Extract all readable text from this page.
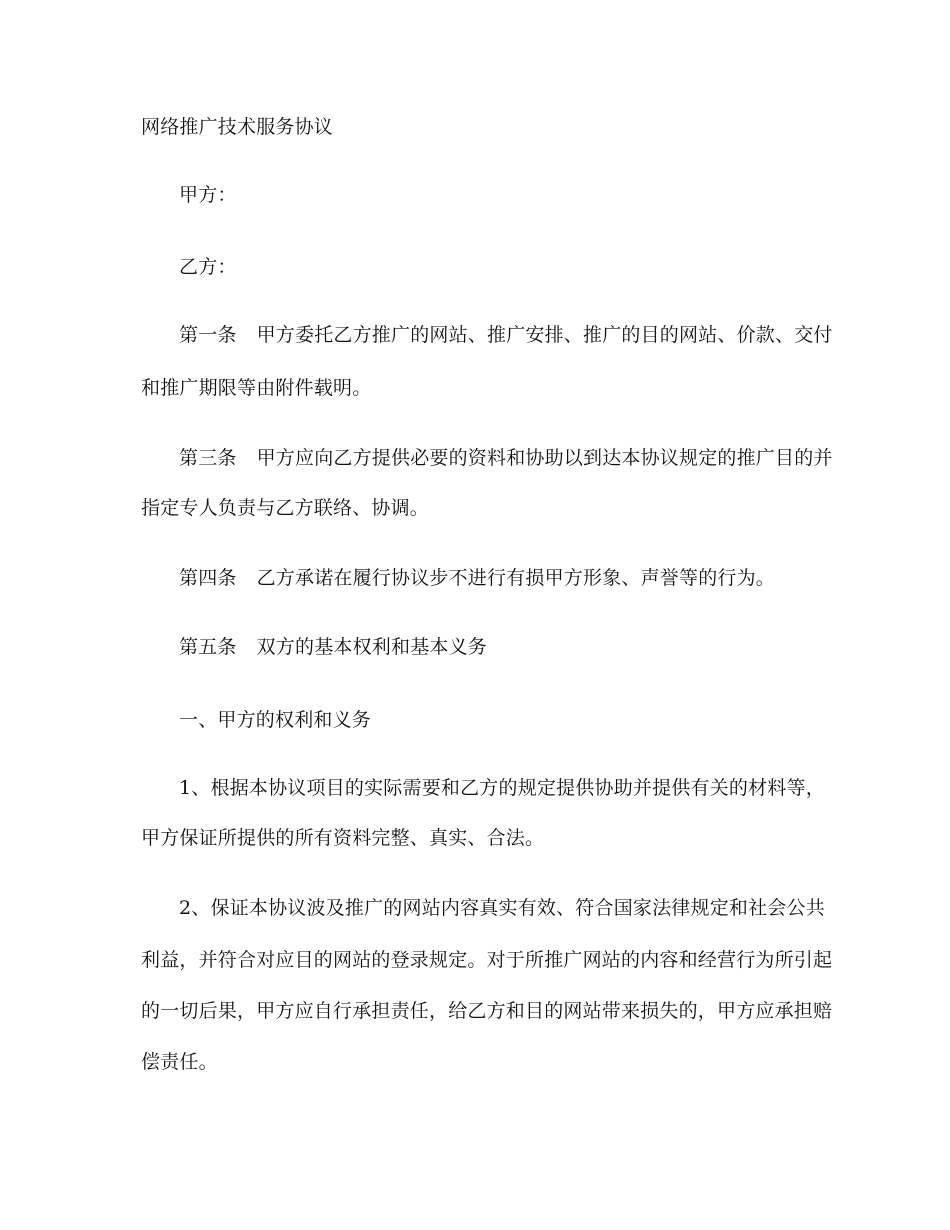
网络推广技术服务协议
甲方：
乙方：
第一条 甲方委托乙方推广的网站、推广安排、推广的目的网站、价款、交付
和推广期限等由附件载明。
第三条 甲方应向乙方提供必要的资料和协助以到达本协议规定的推广目的并
指定专人负责与乙方联络、协调。
第四条 乙方承诺在履行协议步不进行有损甲方形象、声誉等的行为。
第五条 双方的基本权利和基本义务
一、甲方的权利和义务
1、根据本协议项目的实际需要和乙方的规定提供协助并提供有关的材料等，
甲方保证所提供的所有资料完整、真实、合法。
2、保证本协议波及推广的网站内容真实有效、符合国家法律规定和社会公共
利益，并符合对应目的网站的登录规定。对于所推广网站的内容和经营行为所引起
的一切后果，甲方应自行承担责任，给乙方和目的网站带来损失的，甲方应承担赔
偿责任。
